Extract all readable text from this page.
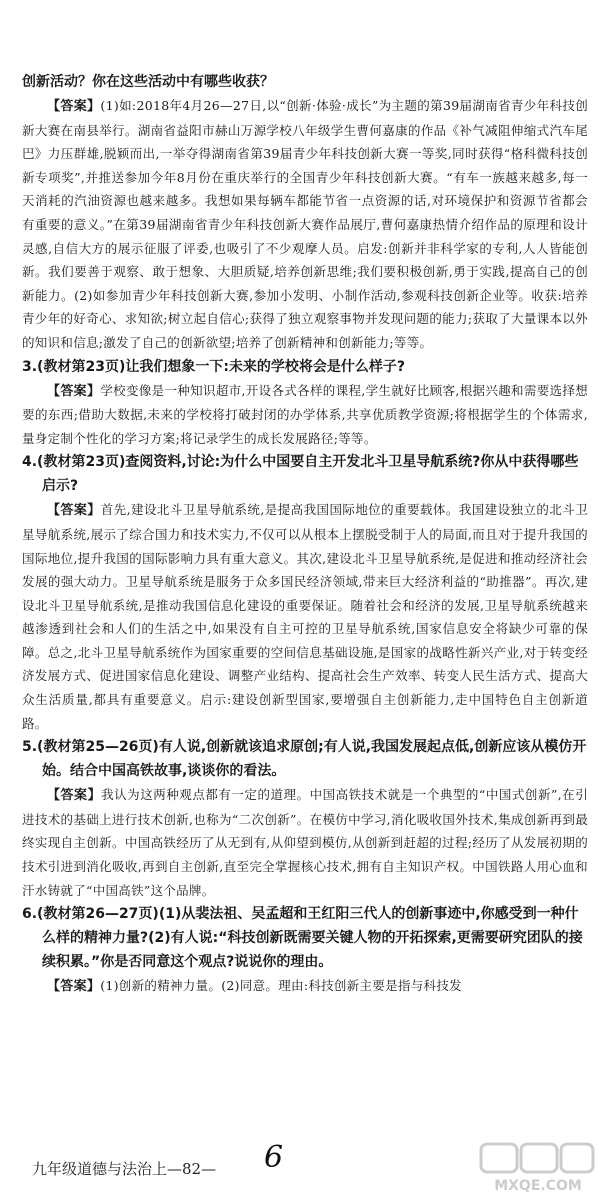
创新活动？你在这些活动中有哪些收获？

【答案】(1)如:2018年4月26—27日,以“创新·体验·成长”为主题的第39届湖南省青少年科技创新大赛在南县举行。湖南省益阳市赫山万源学校八年级学生曹何嘉康的作品《补气减阻伸缩式汽车尾巴》力压群雄,脱颖而出,一举夺得湖南省第39届青少年科技创新大赛一等奖,同时获得“格科微科技创新专项奖”,并推送参加今年8月份在重庆举行的全国青少年科技创新大赛。“有车一族越来越多,每一天消耗的汽油资源也越来越多。我想如果每辆车都能节省一点资源的话,对环境保护和资源节省都会有重要的意义。”在第39届湖南省青少年科技创新大赛作品展厅,曹何嘉康热情介绍作品的原理和设计灵感,自信大方的展示征服了评委,也吸引了不少观摩人员。启发:创新并非科学家的专利,人人皆能创新。我们要善于观察、敢于想象、大胆质疑,培养创新思维;我们要积极创新,勇于实践,提高自己的创新能力。(2)如参加青少年科技创新大赛,参加小发明、小制作活动,参观科技创新企业等。收获:培养青少年的好奇心、求知欲;树立起自信心;获得了独立观察事物并发现问题的能力;获取了大量课本以外的知识和信息;激发了自己的创新欲望;培养了创新精神和创新能力;等等。

3.(教材第23页)让我们想象一下:未来的学校将会是什么样子?

【答案】学校变像是一种知识超市,开设各式各样的课程,学生就好比顾客,根据兴趣和需要选择想要的东西;借助大数据,未来的学校将打破封闭的办学体系,共享优质教学资源;将根据学生的个体需求,量身定制个性化的学习方案;将记录学生的成长发展路径;等等。

4.(教材第23页)查阅资料,讨论:为什么中国要自主开发北斗卫星导航系统?你从中获得哪些启示?

【答案】首先,建设北斗卫星导航系统,是提高我国国际地位的重要载体。我国建设独立的北斗卫星导航系统,展示了综合国力和技术实力,不仅可以从根本上摆脱受制于人的局面,而且对于提升我国的国际地位,提升我国的国际影响力具有重大意义。其次,建设北斗卫星导航系统,是促进和推动经济社会发展的强大动力。卫星导航系统是服务于众多国民经济领域,带来巨大经济利益的“助推器”。再次,建设北斗卫星导航系统,是推动我国信息化建设的重要保证。随着社会和经济的发展,卫星导航系统越来越渗透到社会和人们的生活之中,如果没有自主可控的卫星导航系统,国家信息安全将缺少可靠的保障。总之,北斗卫星导航系统作为国家重要的空间信息基础设施,是国家的战略性新兴产业,对于转变经济发展方式、促进国家信息化建设、调整产业结构、提高社会生产效率、转变人民生活方式、提高大众生活质量,都具有重要意义。启示:建设创新型国家,要增强自主创新能力,走中国特色自主创新道路。

5.(教材第25—26页)有人说,创新就该追求原创;有人说,我国发展起点低,创新应该从模仿开始。结合中国高铁故事,谈谈你的看法。

【答案】我认为这两种观点都有一定的道理。中国高铁技术就是一个典型的“中国式创新”,在引进技术的基础上进行技术创新,也称为“二次创新”。在模仿中学习,消化吸收国外技术,集成创新再到最终实现自主创新。中国高铁经历了从无到有,从仰望到模仿,从创新到赶超的过程;经历了从发展初期的技术引进到消化吸收,再到自主创新,直至完全掌握核心技术,拥有自主知识产权。中国铁路人用心血和汗水铸就了“中国高铁”这个品牌。

6.(教材第26—27页)(1)从裴法祖、吴孟超和王红阳三代人的创新事迹中,你感受到一种什么样的精神力量?(2)有人说:“科技创新既需要关键人物的开拓探索,更需要研究团队的接续积累。”你是否同意这个观点?说说你的理由。

【答案】(1)创新的精神力量。(2)同意。理由:科技创新主要是指与科技发

九年级道德与法治上—82— 6
MXQE.COM
